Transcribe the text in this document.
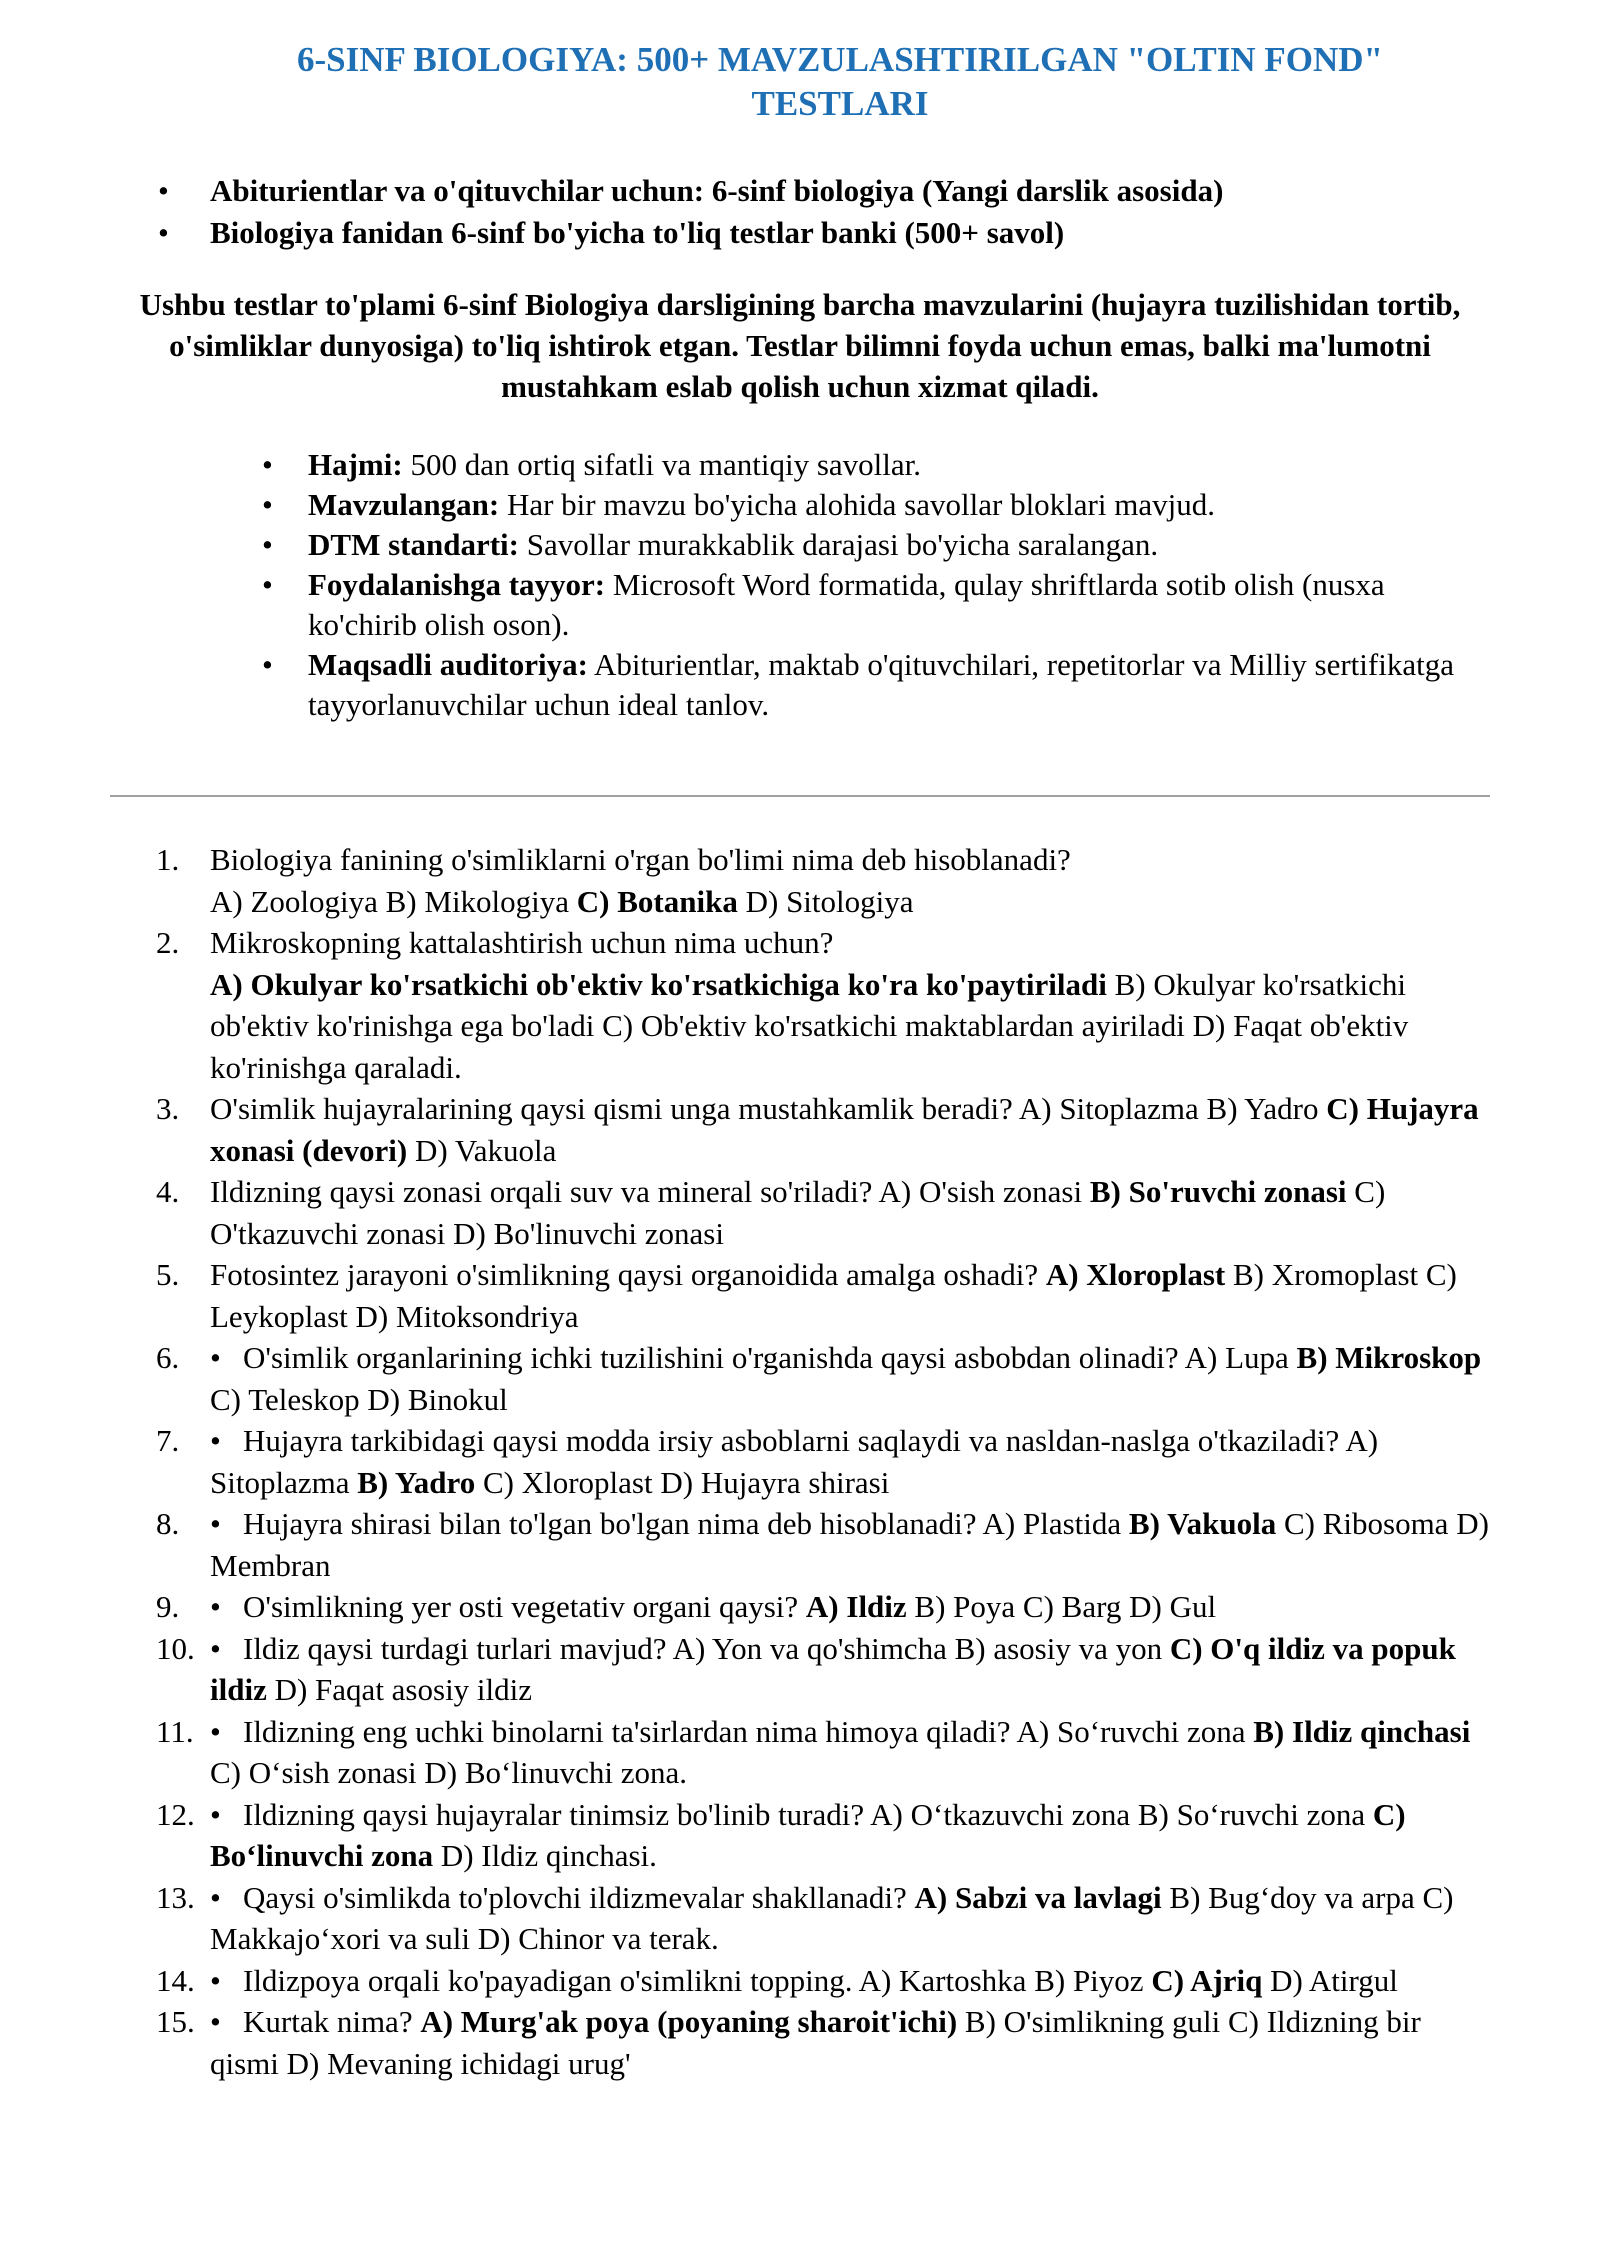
6-SINF BIOLOGIYA: 500+ MAVZULASHTIRILGAN "OLTIN FOND" TESTLARI
• Abiturientlar va o'qituvchilar uchun: 6-sinf biologiya (Yangi darslik asosida)
• Biologiya fanidan 6-sinf bo'yicha to'liq testlar banki (500+ savol)

Ushbu testlar to'plami 6-sinf Biologiya darsligining barcha mavzularini (hujayra tuzilishidan tortib, o'simliklar dunyosiga) to'liq ishtirok etgan. Testlar bilimni foyda uchun emas, balki ma'lumotni mustahkam eslab qolish uchun xizmat qiladi.

• Hajmi: 500 dan ortiq sifatli va mantiqiy savollar.
• Mavzulangan: Har bir mavzu bo'yicha alohida savollar bloklari mavjud.
• DTM standarti: Savollar murakkablik darajasi bo'yicha saralangan.
• Foydalanishga tayyor: Microsoft Word formatida, qulay shriftlarda sotib olish (nusxa ko'chirib olish oson).
• Maqsadli auditoriya: Abiturientlar, maktab o'qituvchilari, repetitorlar va Milliy sertifikatga tayyorlanuvchilar uchun ideal tanlov.
1. Biologiya fanining o'simliklarni o'rgan bo'limi nima deb hisoblanadi?
A) Zoologiya B) Mikologiya C) Botanika D) Sitologiya
2. Mikroskopning kattalashtirish uchun nima uchun?
A) Okulyar ko'rsatkichi ob'ektiv ko'rsatkichiga ko'ra ko'paytiriladi B) Okulyar ko'rsatkichi ob'ektiv ko'rinishga ega bo'ladi C) Ob'ektiv ko'rsatkichi maktablardan ayiriladi D) Faqat ob'ektiv ko'rinishga qaraladi.
3. O'simlik hujayralarining qaysi qismi unga mustahkamlik beradi? A) Sitoplazma B) Yadro C) Hujayra xonasi (devori) D) Vakuola
4. Ildizning qaysi zonasi orqali suv va mineral so'riladi? A) O'sish zonasi B) So'ruvchi zonasi C) O'tkazuvchi zonasi D) Bo'linuvchi zonasi
5. Fotosintez jarayoni o'simlikning qaysi organoidida amalga oshadi? A) Xloroplast B) Xromoplast C) Leykoplast D) Mitoksondriya
6. • O'simlik organlarining ichki tuzilishini o'rganishda qaysi asbobdan olinadi? A) Lupa B) Mikroskop C) Teleskop D) Binokul
7. • Hujayra tarkibidagi qaysi modda irsiy asboblarni saqlaydi va nasldan-naslga o'tkaziladi? A) Sitoplazma B) Yadro C) Xloroplast D) Hujayra shirasi
8. • Hujayra shirasi bilan to'lgan bo'lgan nima deb hisoblanadi? A) Plastida B) Vakuola C) Ribosoma D) Membran
9. • O'simlikning yer osti vegetativ organi qaysi? A) Ildiz B) Poya C) Barg D) Gul
10. • Ildiz qaysi turdagi turlari mavjud? A) Yon va qo'shimcha B) asosiy va yon C) O'q ildiz va popuk ildiz D) Faqat asosiy ildiz
11. • Ildizning eng uchki binolarni ta'sirlardan nima himoya qiladi? A) So‘ruvchi zona B) Ildiz qinchasi C) O‘sish zonasi D) Bo‘linuvchi zona.
12. • Ildizning qaysi hujayralar tinimsiz bo'linib turadi? A) O‘tkazuvchi zona B) So‘ruvchi zona C) Bo‘linuvchi zona D) Ildiz qinchasi.
13. • Qaysi o'simlikda to'plovchi ildizmevalar shakllanadi? A) Sabzi va lavlagi B) Bug‘doy va arpa C) Makkajo‘xori va suli D) Chinor va terak.
14. • Ildizpoya orqali ko'payadigan o'simlikni topping. A) Kartoshka B) Piyoz C) Ajriq D) Atirgul
15. • Kurtak nima? A) Murg'ak poya (poyaning sharoit'ichi) B) O'simlikning guli C) Ildizning bir qismi D) Mevaning ichidagi urug'
